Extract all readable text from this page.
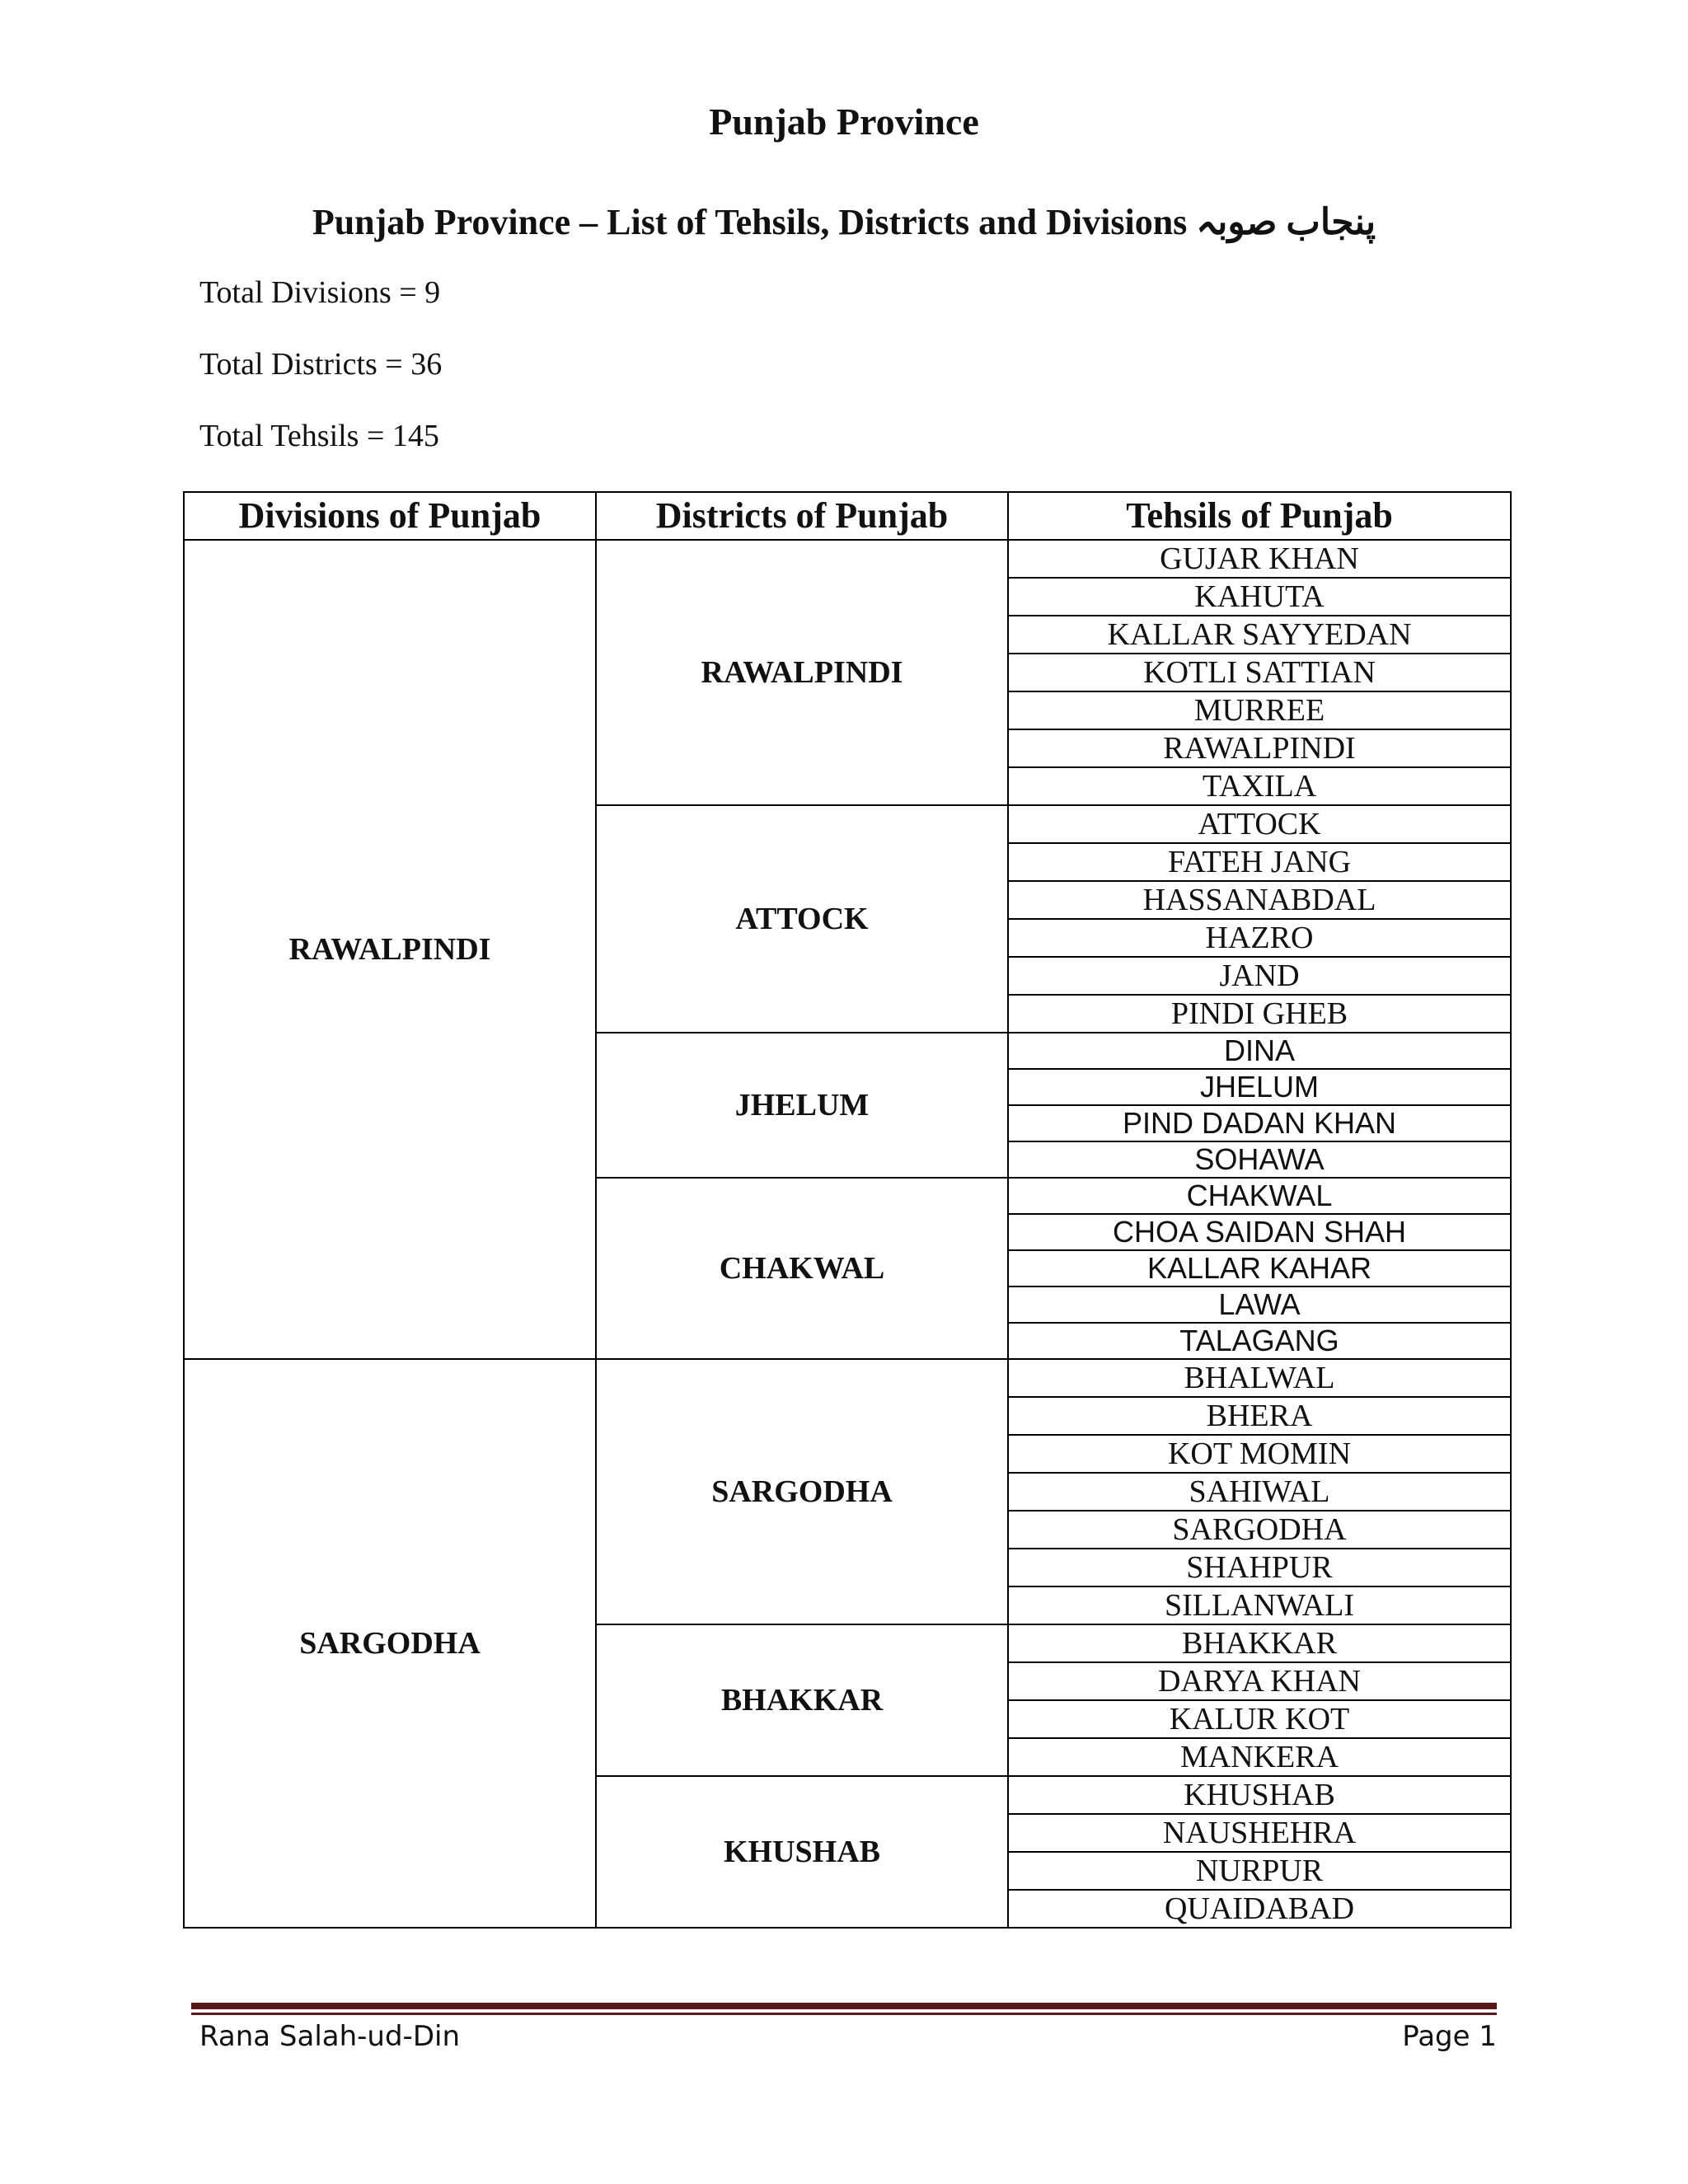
Punjab Province
Punjab Province – List of Tehsils, Districts and Divisions پنجاب صوبہ
Total Divisions = 9
Total Districts = 36
Total Tehsils = 145
Divisions of Punjab	Districts of Punjab	Tehsils of Punjab
RAWALPINDI	RAWALPINDI	GUJAR KHAN
		KAHUTA
		KALLAR SAYYEDAN
		KOTLI SATTIAN
		MURREE
		RAWALPINDI
		TAXILA
	ATTOCK	ATTOCK
		FATEH JANG
		HASSANABDAL
		HAZRO
		JAND
		PINDI GHEB
	JHELUM	DINA
		JHELUM
		PIND DADAN KHAN
		SOHAWA
	CHAKWAL	CHAKWAL
		CHOA SAIDAN SHAH
		KALLAR KAHAR
		LAWA
		TALAGANG
SARGODHA	SARGODHA	BHALWAL
		BHERA
		KOT MOMIN
		SAHIWAL
		SARGODHA
		SHAHPUR
		SILLANWALI
	BHAKKAR	BHAKKAR
		DARYA KHAN
		KALUR KOT
		MANKERA
	KHUSHAB	KHUSHAB
		NAUSHEHRA
		NURPUR
		QUAIDABAD
Rana Salah-ud-Din	Page 1
